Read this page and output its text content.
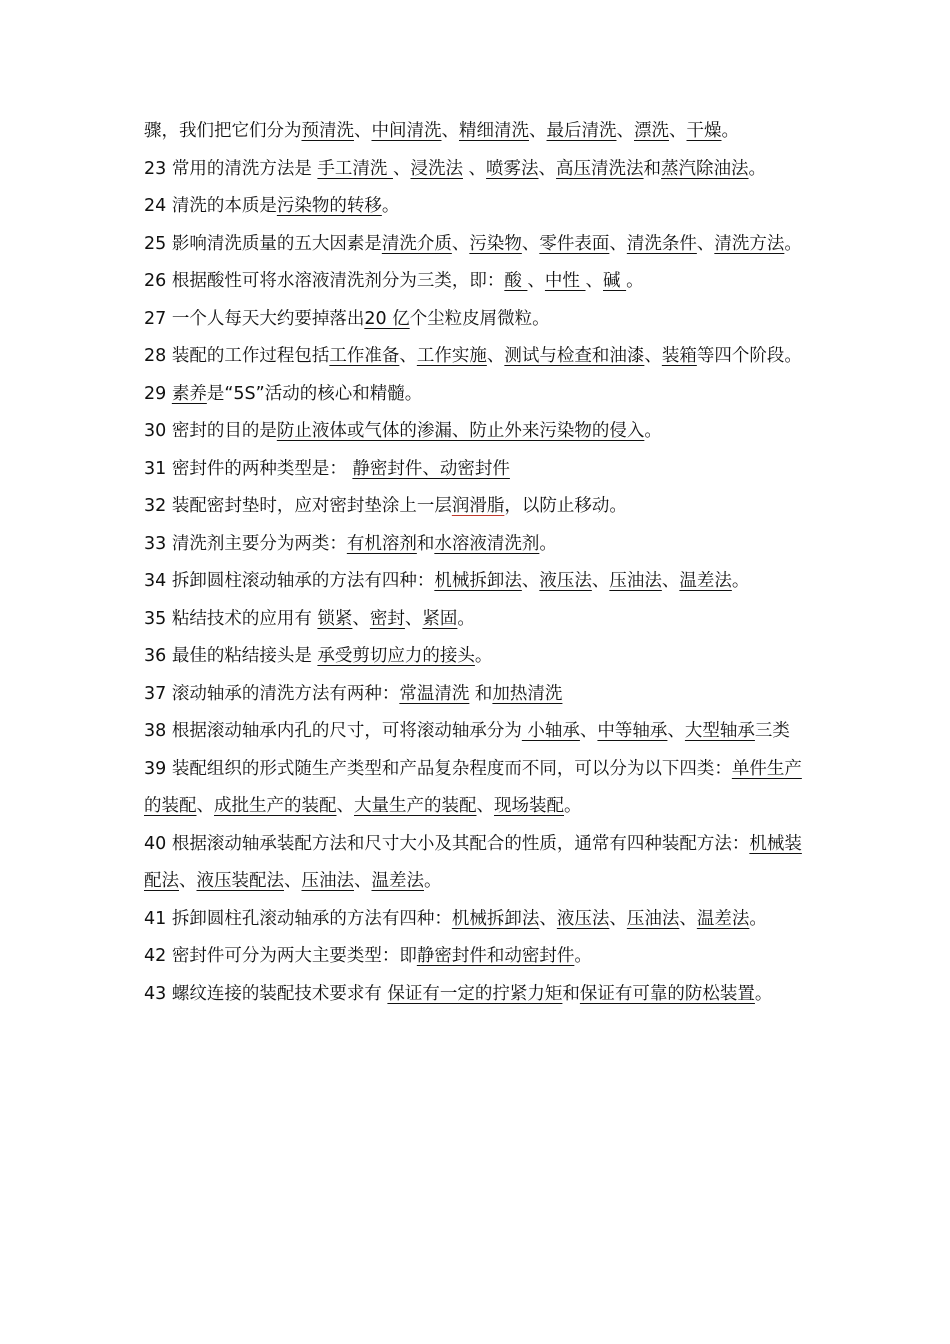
骤，我们把它们分为预清洗、中间清洗、精细清洗、最后清洗、漂洗、干燥。

23 常用的清洗方法是 手工清洗 、浸洗法 、喷雾法、高压清洗法和蒸汽除油法。

24 清洗的本质是污染物的转移。

25 影响清洗质量的五大因素是清洗介质、污染物、零件表面、清洗条件、清洗方法。

26 根据酸性可将水溶液清洗剂分为三类，即：酸 、中性 、碱 。

27 一个人每天大约要掉落出20 亿个尘粒皮屑微粒。

28 装配的工作过程包括工作准备、工作实施、测试与检查和油漆、装箱等四个阶段。

29 素养是“5S”活动的核心和精髓。

30 密封的目的是防止液体或气体的渗漏、防止外来污染物的侵入。

31 密封件的两种类型是： 静密封件、动密封件

32 装配密封垫时，应对密封垫涂上一层润滑脂，以防止移动。

33 清洗剂主要分为两类：有机溶剂和水溶液清洗剂。

34 拆卸圆柱滚动轴承的方法有四种：机械拆卸法、液压法、压油法、温差法。

35 粘结技术的应用有 锁紧、密封、紧固。

36 最佳的粘结接头是 承受剪切应力的接头。

37 滚动轴承的清洗方法有两种：常温清洗 和加热清洗

38 根据滚动轴承内孔的尺寸，可将滚动轴承分为 小轴承、中等轴承、大型轴承三类

39 装配组织的形式随生产类型和产品复杂程度而不同，可以分为以下四类：单件生产的装配、成批生产的装配、大量生产的装配、现场装配。

40 根据滚动轴承装配方法和尺寸大小及其配合的性质，通常有四种装配方法：机械装配法、液压装配法、压油法、温差法。

41 拆卸圆柱孔滚动轴承的方法有四种：机械拆卸法、液压法、压油法、温差法。

42 密封件可分为两大主要类型：即静密封件和动密封件。

43 螺纹连接的装配技术要求有 保证有一定的拧紧力矩和保证有可靠的防松装置。
